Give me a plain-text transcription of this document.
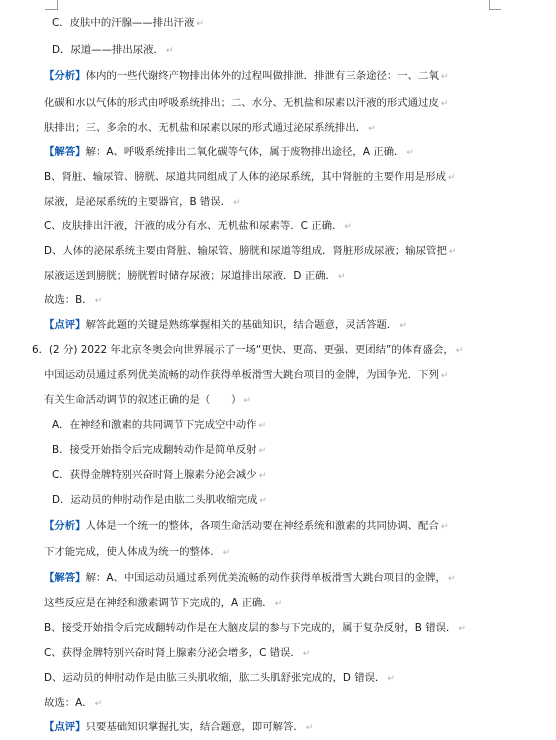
C．皮肤中的汗腺——排出汗液 ↵
D．尿道——排出尿液． ↵
【分析】体内的一些代谢终产物排出体外的过程叫做排泄．排泄有三条途径：一、二氧 ↵
化碳和水以气体的形式由呼吸系统排出；二、水分、无机盐和尿素以汗液的形式通过皮 ↵
肤排出；三、多余的水、无机盐和尿素以尿的形式通过泌尿系统排出． ↵
【解答】解：A、呼吸系统排出二氧化碳等气体，属于废物排出途径，A 正确． ↵
B、肾脏、输尿管、膀胱、尿道共同组成了人体的泌尿系统，其中肾脏的主要作用是形成 ↵
尿液，是泌尿系统的主要器官，B 错误． ↵
C、皮肤排出汗液，汗液的成分有水、无机盐和尿素等．C 正确． ↵
D、人体的泌尿系统主要由肾脏、输尿管、膀胱和尿道等组成．肾脏形成尿液；输尿管把 ↵
尿液运送到膀胱；膀胱暂时储存尿液；尿道排出尿液．D 正确． ↵
故选：B． ↵
【点评】解答此题的关键是熟练掌握相关的基础知识，结合题意，灵活答题． ↵
6．(2 分) 2022 年北京冬奥会向世界展示了一场“更快、更高、更强、更团结”的体育盛会， ↵
中国运动员通过系列优美流畅的动作获得单板滑雪大跳台项目的金牌，为国争光．下列 ↵
有关生命活动调节的叙述正确的是（　　） ↵
A．在神经和激素的共同调节下完成空中动作 ↵
B．接受开始指令后完成翻转动作是简单反射 ↵
C．获得金牌特别兴奋时肾上腺素分泌会减少 ↵
D．运动员的伸肘动作是由肱二头肌收缩完成 ↵
【分析】人体是一个统一的整体，各项生命活动要在神经系统和激素的共同协调、配合 ↵
下才能完成，使人体成为统一的整体． ↵
【解答】解：A、中国运动员通过系列优美流畅的动作获得单板滑雪大跳台项目的金牌， ↵
这些反应是在神经和激素调节下完成的，A 正确． ↵
B、接受开始指令后完成翻转动作是在大脑皮层的参与下完成的，属于复杂反射，B 错误． ↵
C、获得金牌特别兴奋时肾上腺素分泌会增多，C 错误． ↵
D、运动员的伸肘动作是由肱三头肌收缩，肱二头肌舒张完成的，D 错误． ↵
故选：A． ↵
【点评】只要基础知识掌握扎实，结合题意，即可解答． ↵
